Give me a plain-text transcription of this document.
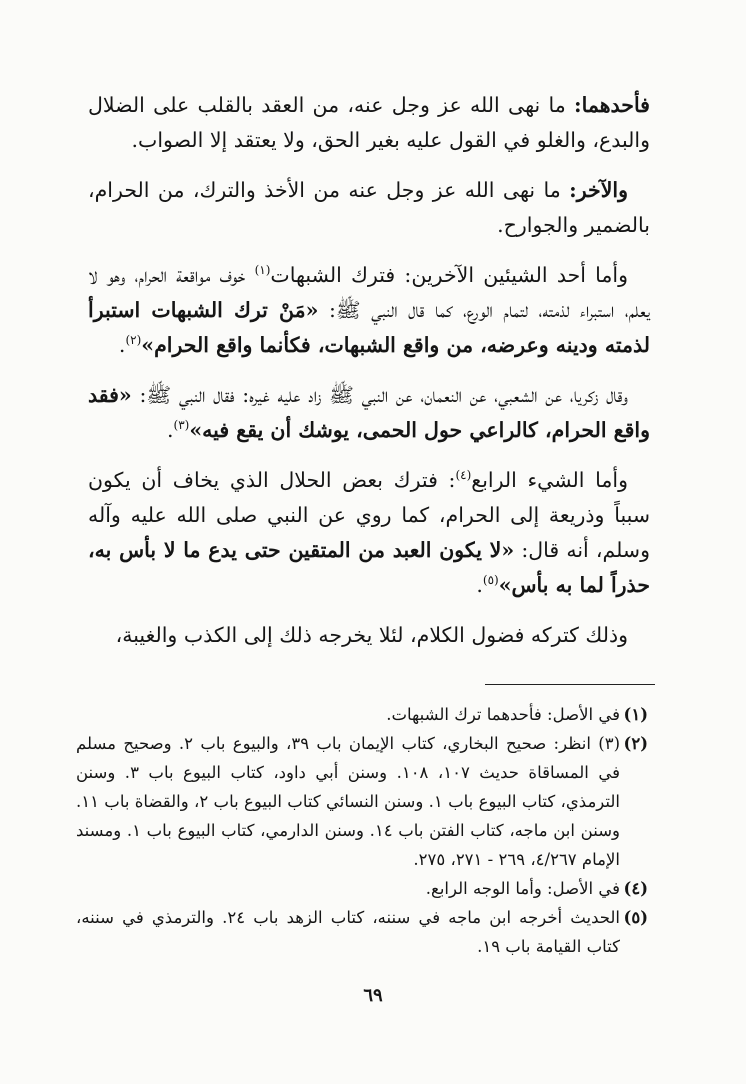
فأحدهما: ما نهى الله عز وجل عنه، من العقد بالقلب على الضلال والبدع، والغلو في القول عليه بغير الحق، ولا يعتقد إلا الصواب.

والآخر: ما نهى الله عز وجل عنه من الأخذ والترك، من الحرام، بالضمير والجوارح.

وأما أحد الشيئين الآخرين: فترك الشبهات$^{(١)}$ خوف مواقعة الحرام، وهو لا يعلم، استبراء لذمته، لتمام الورع، كما قال النبي ﷺ: «مَنْ ترك الشبهات استبرأ لذمته ودينه وعرضه، من واقع الشبهات، فكأنما واقع الحرام»$^{(٢)}$.

وقال زكريا، عن الشعبي، عن النعمان، عن النبي ﷺ زاد عليه غيره: فقال النبي ﷺ: «فقد واقع الحرام، كالراعي حول الحمى، يوشك أن يقع فيه»$^{(٣)}$.

وأما الشيء الرابع$^{(٤)}$: فترك بعض الحلال الذي يخاف أن يكون سبباً وذريعة إلى الحرام، كما روي عن النبي صلى الله عليه وآله وسلم، أنه قال: «لا يكون العبد من المتقين حتى يدع ما لا بأس به، حذراً لما به بأس»$^{(٥)}$.

وذلك كتركه فضول الكلام، لئلا يخرجه ذلك إلى الكذب والغيبة،

(١)
في الأصل: فأحدهما ترك الشبهات.

(٢)
(٣) انظر: صحيح البخاري، كتاب الإيمان باب ٣٩، والبيوع باب ٢. وصحيح مسلم في المساقاة حديث ١٠٧، ١٠٨. وسنن أبي داود، كتاب البيوع باب ٣. وسنن الترمذي، كتاب البيوع باب ١. وسنن النسائي كتاب البيوع باب ٢، والقضاة باب ١١. وسنن ابن ماجه، كتاب الفتن باب ١٤. وسنن الدارمي، كتاب البيوع باب ١. ومسند الإمام ٤/٢٦٧، ٢٦٩ - ٢٧١، ٢٧٥.

(٤)
في الأصل: وأما الوجه الرابع.

(٥)
الحديث أخرجه ابن ماجه في سننه، كتاب الزهد باب ٢٤. والترمذي في سننه، كتاب القيامة باب ١٩.

٦٩
